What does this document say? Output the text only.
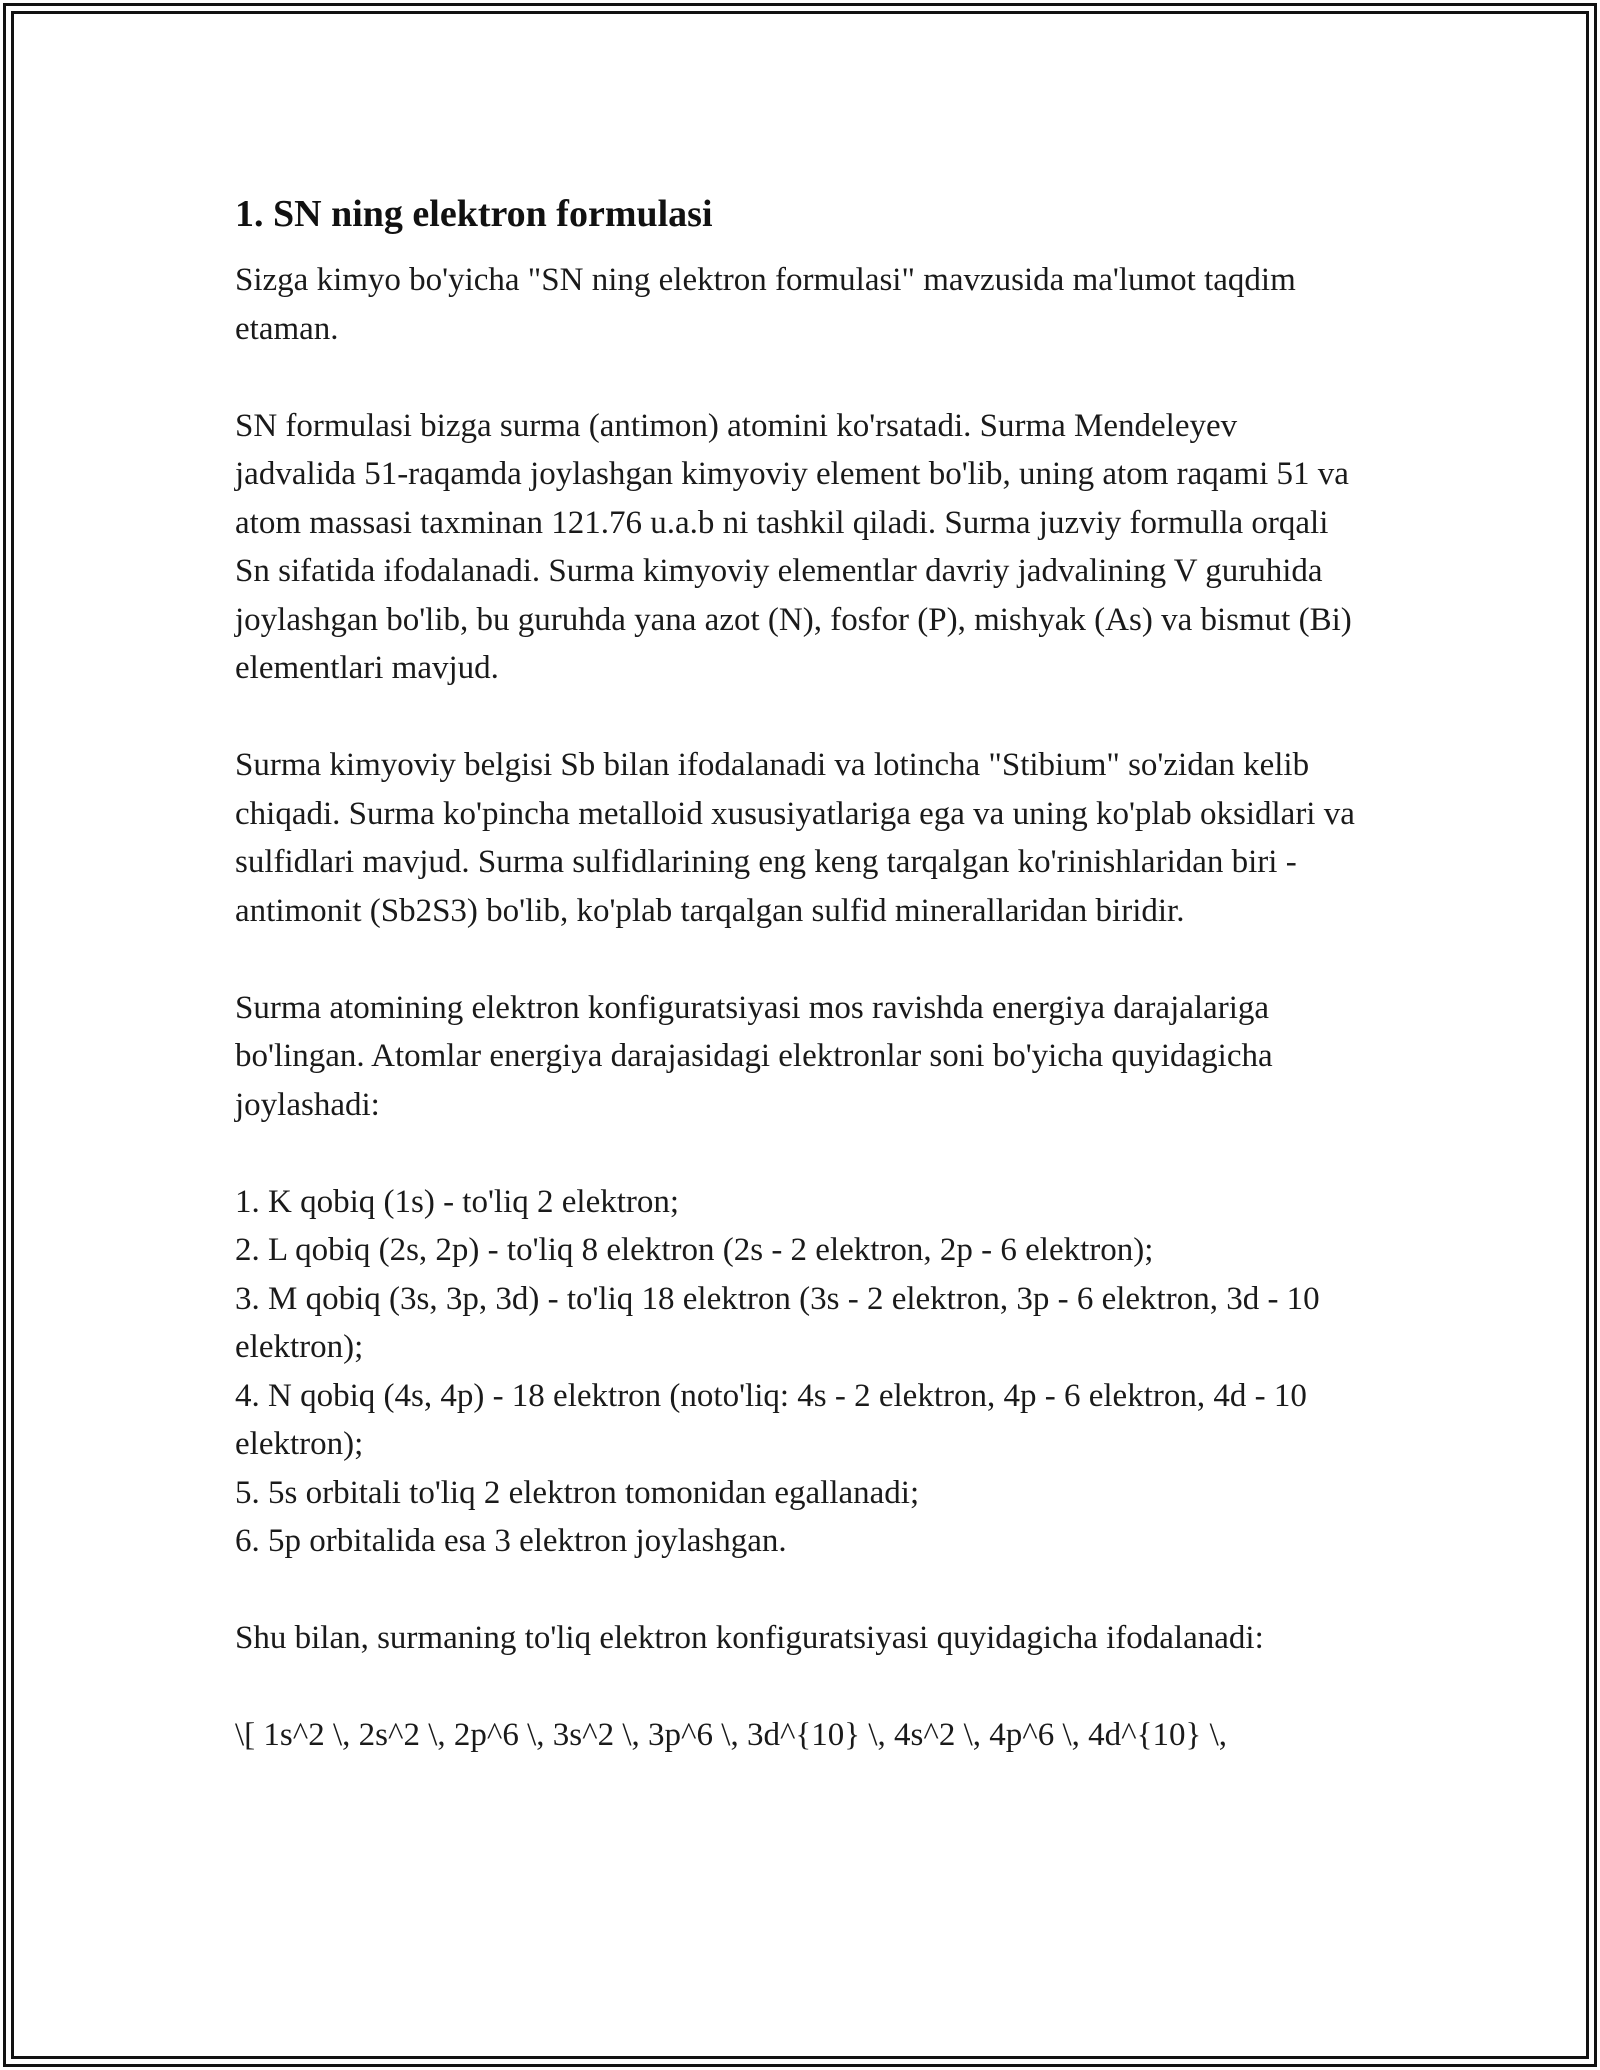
1. SN ning elektron formulasi

Sizga kimyo bo'yicha "SN ning elektron formulasi" mavzusida ma'lumot taqdim etaman.

SN formulasi bizga surma (antimon) atomini ko'rsatadi. Surma Mendeleyev jadvalida 51-raqamda joylashgan kimyoviy element bo'lib, uning atom raqami 51 va atom massasi taxminan 121.76 u.a.b ni tashkil qiladi. Surma juzviy formulla orqali Sn sifatida ifodalanadi. Surma kimyoviy elementlar davriy jadvalining V guruhida joylashgan bo'lib, bu guruhda yana azot (N), fosfor (P), mishyak (As) va bismut (Bi) elementlari mavjud.

Surma kimyoviy belgisi Sb bilan ifodalanadi va lotincha "Stibium" so'zidan kelib chiqadi. Surma ko'pincha metalloid xususiyatlariga ega va uning ko'plab oksidlari va sulfidlari mavjud. Surma sulfidlarining eng keng tarqalgan ko'rinishlaridan biri - antimonit (Sb2S3) bo'lib, ko'plab tarqalgan sulfid minerallaridan biridir.

Surma atomining elektron konfiguratsiyasi mos ravishda energiya darajalariga bo'lingan. Atomlar energiya darajasidagi elektronlar soni bo'yicha quyidagicha joylashadi:

1. K qobiq (1s) - to'liq 2 elektron;
2. L qobiq (2s, 2p) - to'liq 8 elektron (2s - 2 elektron, 2p - 6 elektron);
3. M qobiq (3s, 3p, 3d) - to'liq 18 elektron (3s - 2 elektron, 3p - 6 elektron, 3d - 10 elektron);
4. N qobiq (4s, 4p) - 18 elektron (noto'liq: 4s - 2 elektron, 4p - 6 elektron, 4d - 10 elektron);
5. 5s orbitali to'liq 2 elektron tomonidan egallanadi;
6. 5p orbitalida esa 3 elektron joylashgan.

Shu bilan, surmaning to'liq elektron konfiguratsiyasi quyidagicha ifodalanadi:

\[ 1s^2 \, 2s^2 \, 2p^6 \, 3s^2 \, 3p^6 \, 3d^{10} \, 4s^2 \, 4p^6 \, 4d^{10} \,
